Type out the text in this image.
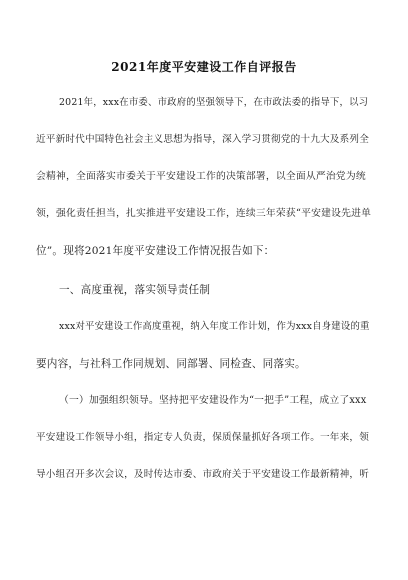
2021年度平安建设工作自评报告
2021年，xxx在市委、市政府的坚强领导下，在市政法委的指导下，以习
近平新时代中国特色社会主义思想为指导，深入学习贯彻党的十九大及系列全
会精神，全面落实市委关于平安建设工作的决策部署，以全面从严治党为统
领，强化责任担当，扎实推进平安建设工作，连续三年荣获“平安建设先进单
位”。现将2021年度平安建设工作情况报告如下：
一、高度重视，落实领导责任制
xxx对平安建设工作高度重视，纳入年度工作计划，作为xxx自身建设的重
要内容，与社科工作同规划、同部署、同检查、同落实。
（一）加强组织领导。坚持把平安建设作为“一把手”工程，成立了xxx
平安建设工作领导小组，指定专人负责，保质保量抓好各项工作。一年来，领
导小组召开多次会议，及时传达市委、市政府关于平安建设工作最新精神，听
